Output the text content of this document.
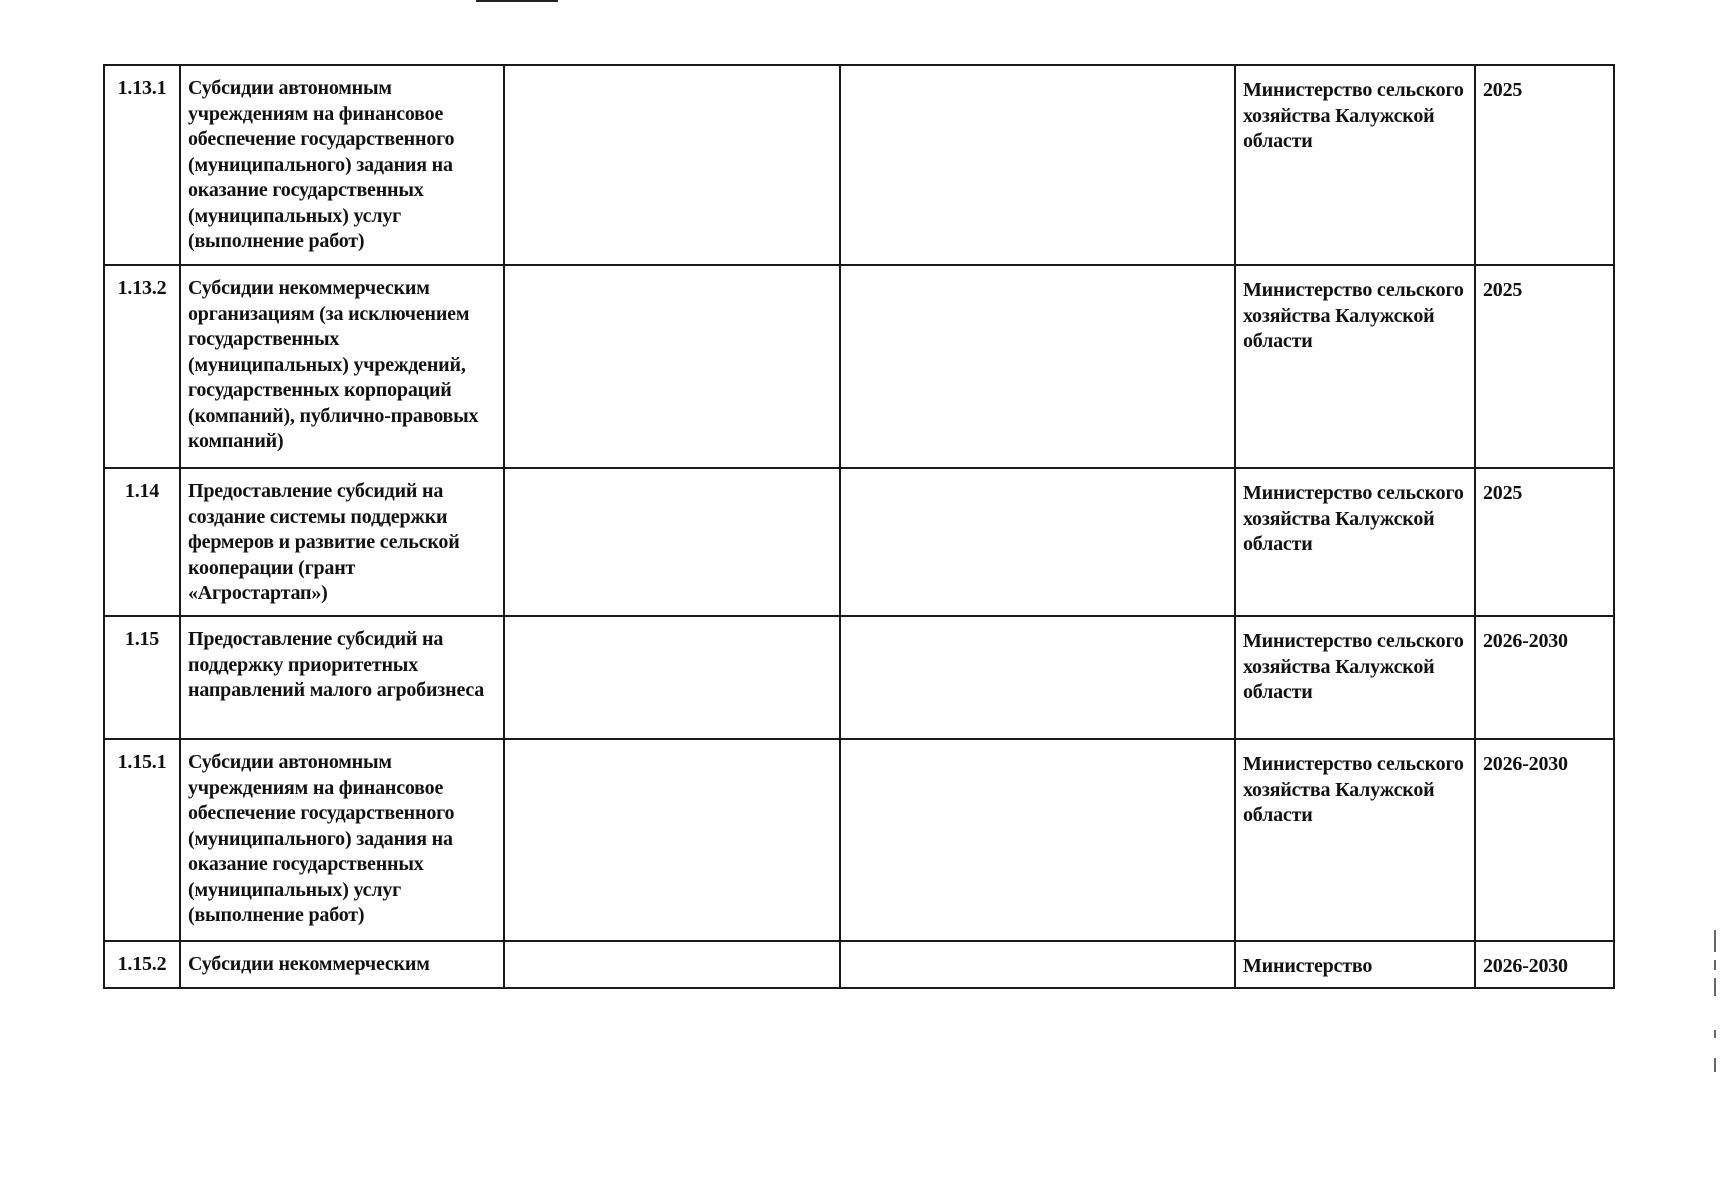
1.13.1	Субсидии автономным учреждениям на финансовое обеспечение государственного (муниципального) задания на оказание государственных (муниципальных) услуг (выполнение работ)			Министерство сельского хозяйства Калужской области	2025
1.13.2	Субсидии некоммерческим организациям (за исключением государственных (муниципальных) учреждений, государственных корпораций (компаний), публично-правовых компаний)			Министерство сельского хозяйства Калужской области	2025
1.14	Предоставление субсидий на создание системы поддержки фермеров и развитие сельской кооперации (грант «Агростартап»)			Министерство сельского хозяйства Калужской области	2025
1.15	Предоставление субсидий на поддержку приоритетных направлений малого агробизнеса			Министерство сельского хозяйства Калужской области	2026-2030
1.15.1	Субсидии автономным учреждениям на финансовое обеспечение государственного (муниципального) задания на оказание государственных (муниципальных) услуг (выполнение работ)			Министерство сельского хозяйства Калужской области	2026-2030
1.15.2	Субсидии некоммерческим			Министерство	2026-2030
